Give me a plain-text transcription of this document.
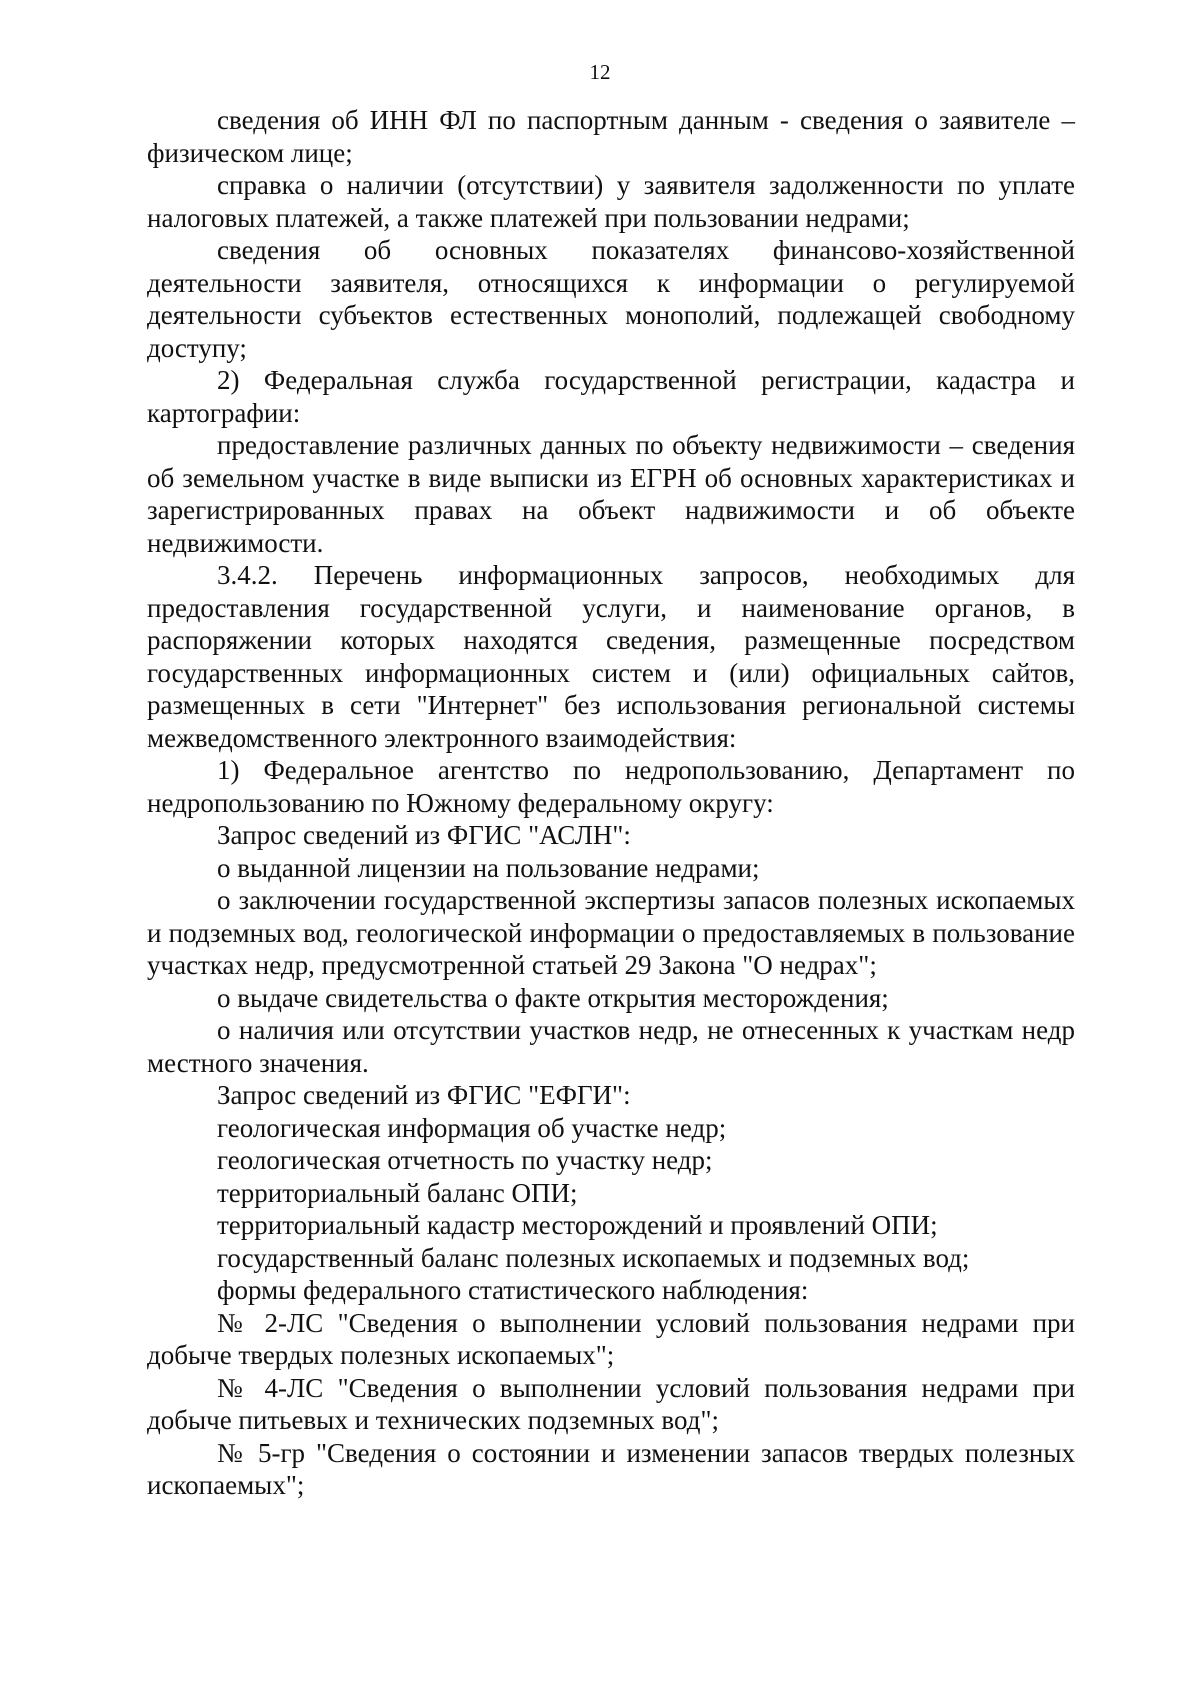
12

сведения об ИНН ФЛ по паспортным данным - сведения о заявителе – физическом лице;

справка о наличии (отсутствии) у заявителя задолженности по уплате налоговых платежей, а также платежей при пользовании недрами;

сведения об основных показателях финансово-хозяйственной деятельности заявителя, относящихся к информации о регулируемой деятельности субъектов естественных монополий, подлежащей свободному доступу;

2) Федеральная служба государственной регистрации, кадастра и картографии:

предоставление различных данных по объекту недвижимости – сведения об земельном участке в виде выписки из ЕГРН об основных характеристиках и зарегистрированных правах на объект надвижимости и об объекте недвижимости.

3.4.2. Перечень информационных запросов, необходимых для предоставления государственной услуги, и наименование органов, в распоряжении которых находятся сведения, размещенные посредством государственных информационных систем и (или) официальных сайтов, размещенных в сети "Интернет" без использования региональной системы межведомственного электронного взаимодействия:

1) Федеральное агентство по недропользованию, Департамент по недропользованию по Южному федеральному округу:

Запрос сведений из ФГИС "АСЛН":

о выданной лицензии на пользование недрами;

о заключении государственной экспертизы запасов полезных ископаемых и подземных вод, геологической информации о предоставляемых в пользование участках недр, предусмотренной статьей 29 Закона "О недрах";

о выдаче свидетельства о факте открытия месторождения;

о наличия или отсутствии участков недр, не отнесенных к участкам недр местного значения.

Запрос сведений из ФГИС "ЕФГИ":

геологическая информация об участке недр;

геологическая отчетность по участку недр;

территориальный баланс ОПИ;

территориальный кадастр месторождений и проявлений ОПИ;

государственный баланс полезных ископаемых и подземных вод;

формы федерального статистического наблюдения:

№ 2-ЛС "Сведения о выполнении условий пользования недрами при добыче твердых полезных ископаемых";

№ 4-ЛС "Сведения о выполнении условий пользования недрами при добыче питьевых и технических подземных вод";

№ 5-гр "Сведения о состоянии и изменении запасов твердых полезных ископаемых";
